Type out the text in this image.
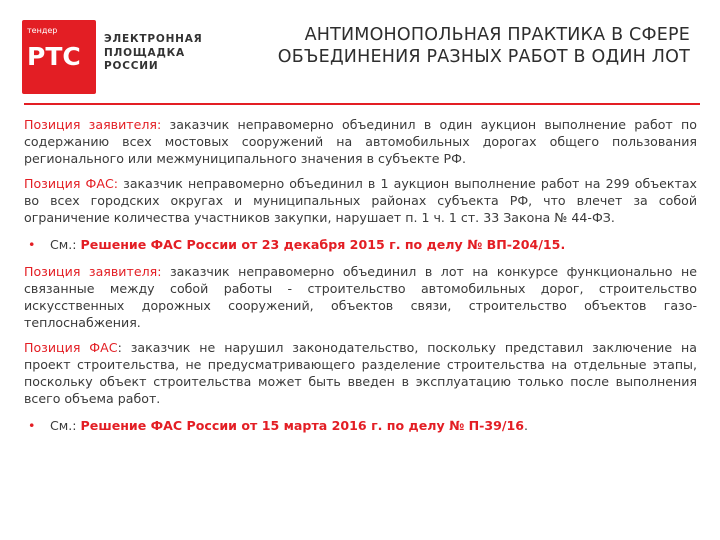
тендер
РТС
ЭЛЕКТРОННАЯ
ПЛОЩАДКА
РОССИИ
АНТИМОНОПОЛЬНАЯ ПРАКТИКА В СФЕРЕ
ОБЪЕДИНЕНИЯ РАЗНЫХ РАБОТ В ОДИН ЛОТ

Позиция заявителя: заказчик неправомерно объединил в один аукцион выполнение работ по содержанию всех мостовых сооружений на автомобильных дорогах общего пользования регионального или межмуниципального значения в субъекте РФ.

Позиция ФАС: заказчик неправомерно объединил в 1 аукцион выполнение работ на 299 объектах во всех городских округах и муниципальных районах субъекта РФ, что влечет за собой ограничение количества участников закупки, нарушает п. 1 ч. 1 ст. 33 Закона № 44-ФЗ.

• См.: Решение ФАС России от 23 декабря 2015 г. по делу № ВП-204/15.

Позиция заявителя: заказчик неправомерно объединил в лот на конкурсе функционально не связанные между собой работы - строительство автомобильных дорог, строительство искусственных дорожных сооружений, объектов связи, строительство объектов газо-теплоснабжения.

Позиция ФАС: заказчик не нарушил законодательство, поскольку представил заключение на проект строительства, не предусматривающего разделение строительства на отдельные этапы, поскольку объект строительства может быть введен в эксплуатацию только после выполнения всего объема работ.

• См.: Решение ФАС России от 15 марта 2016 г. по делу № П-39/16.
